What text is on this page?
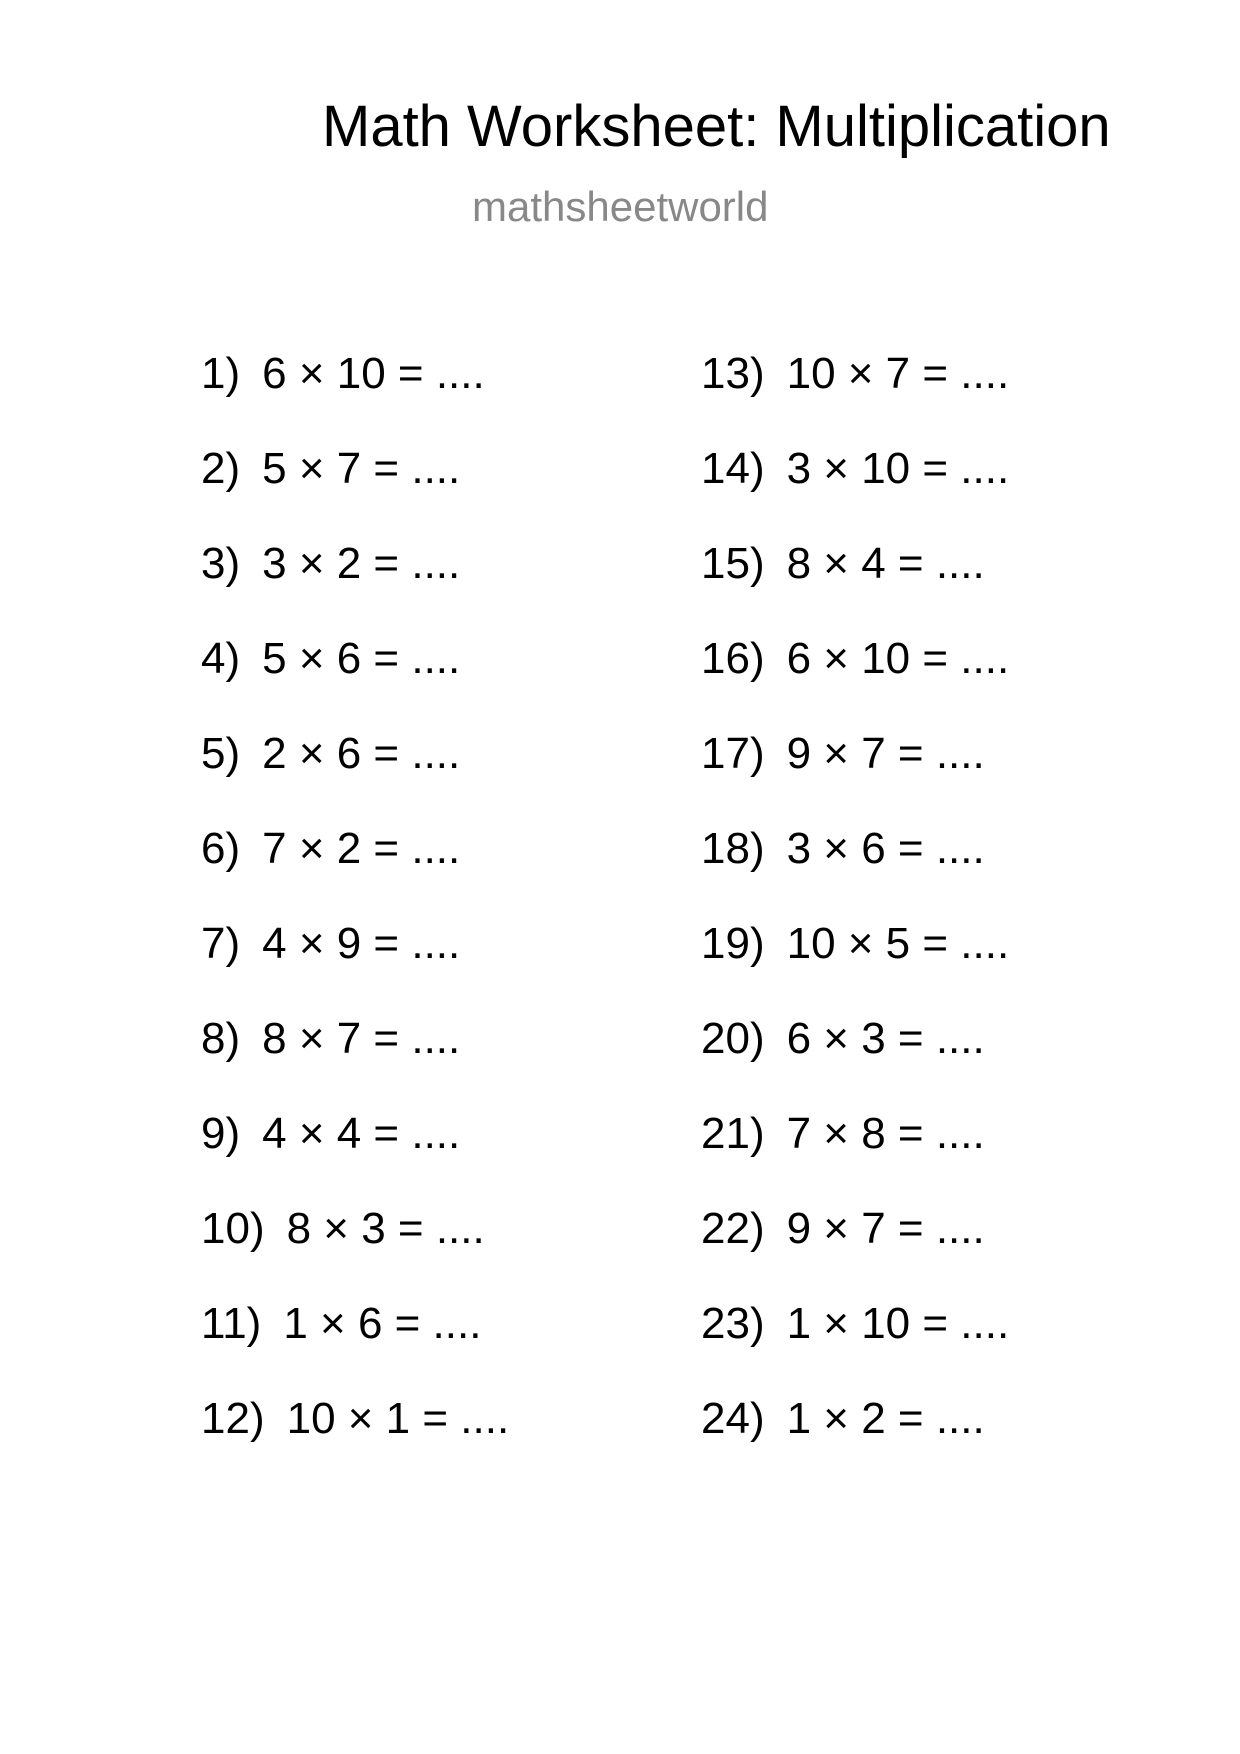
Math Worksheet: Multiplication
mathsheetworld
1) 6 × 10 = ....
2) 5 × 7 = ....
3) 3 × 2 = ....
4) 5 × 6 = ....
5) 2 × 6 = ....
6) 7 × 2 = ....
7) 4 × 9 = ....
8) 8 × 7 = ....
9) 4 × 4 = ....
10) 8 × 3 = ....
11) 1 × 6 = ....
12) 10 × 1 = ....
13) 10 × 7 = ....
14) 3 × 10 = ....
15) 8 × 4 = ....
16) 6 × 10 = ....
17) 9 × 7 = ....
18) 3 × 6 = ....
19) 10 × 5 = ....
20) 6 × 3 = ....
21) 7 × 8 = ....
22) 9 × 7 = ....
23) 1 × 10 = ....
24) 1 × 2 = ....
